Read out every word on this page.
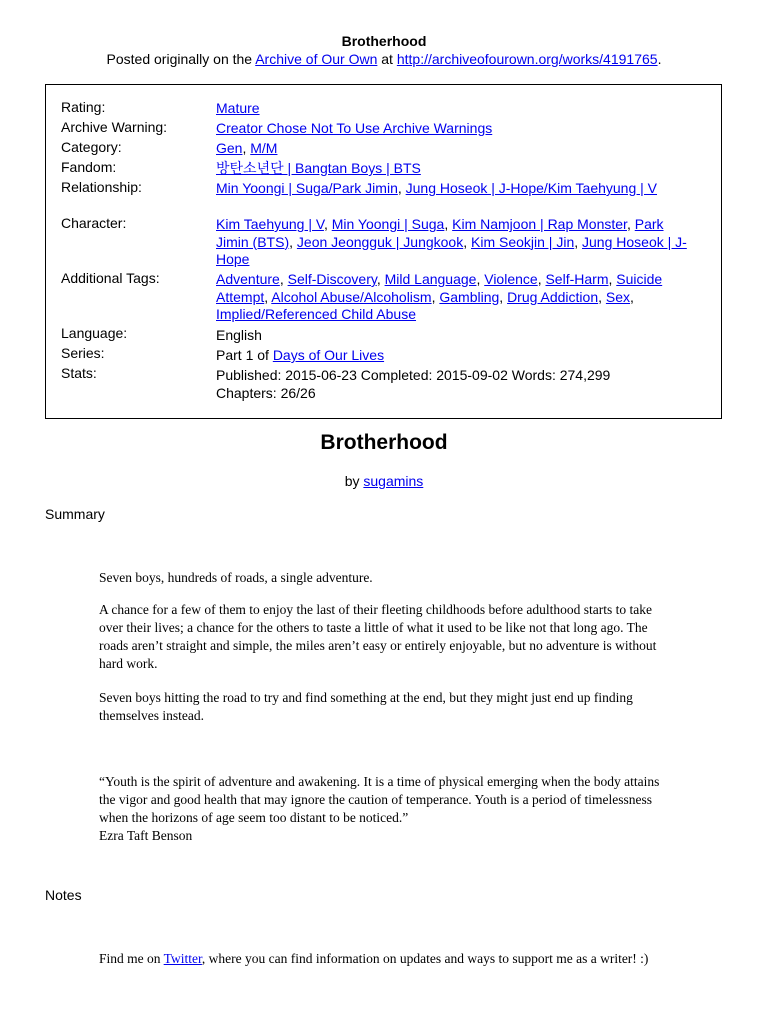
Brotherhood
Posted originally on the Archive of Our Own at http://archiveofourown.org/works/4191765.
Rating:	Mature
Archive Warning:	Creator Chose Not To Use Archive Warnings
Category:	Gen, M/M
Fandom:	방탄소년단 | Bangtan Boys | BTS
Relationship:	Min Yoongi | Suga/Park Jimin, Jung Hoseok | J-Hope/Kim Taehyung | V
Character:	Kim Taehyung | V, Min Yoongi | Suga, Kim Namjoon | Rap Monster, Park Jimin (BTS), Jeon Jeongguk | Jungkook, Kim Seokjin | Jin, Jung Hoseok | J-Hope
Additional Tags:	Adventure, Self-Discovery, Mild Language, Violence, Self-Harm, Suicide Attempt, Alcohol Abuse/Alcoholism, Gambling, Drug Addiction, Sex, Implied/Referenced Child Abuse
Language:	English
Series:	Part 1 of Days of Our Lives
Stats:	Published: 2015-06-23 Completed: 2015-09-02 Words: 274,299
Chapters: 26/26
Brotherhood
by sugamins
Summary
Seven boys, hundreds of roads, a single adventure.
A chance for a few of them to enjoy the last of their fleeting childhoods before adulthood starts to take over their lives; a chance for the others to taste a little of what it used to be like not that long ago. The roads aren’t straight and simple, the miles aren’t easy or entirely enjoyable, but no adventure is without hard work.
Seven boys hitting the road to try and find something at the end, but they might just end up finding themselves instead.
“Youth is the spirit of adventure and awakening. It is a time of physical emerging when the body attains the vigor and good health that may ignore the caution of temperance. Youth is a period of timelessness when the horizons of age seem too distant to be noticed.”
Ezra Taft Benson
Notes
Find me on Twitter, where you can find information on updates and ways to support me as a writer! :)
